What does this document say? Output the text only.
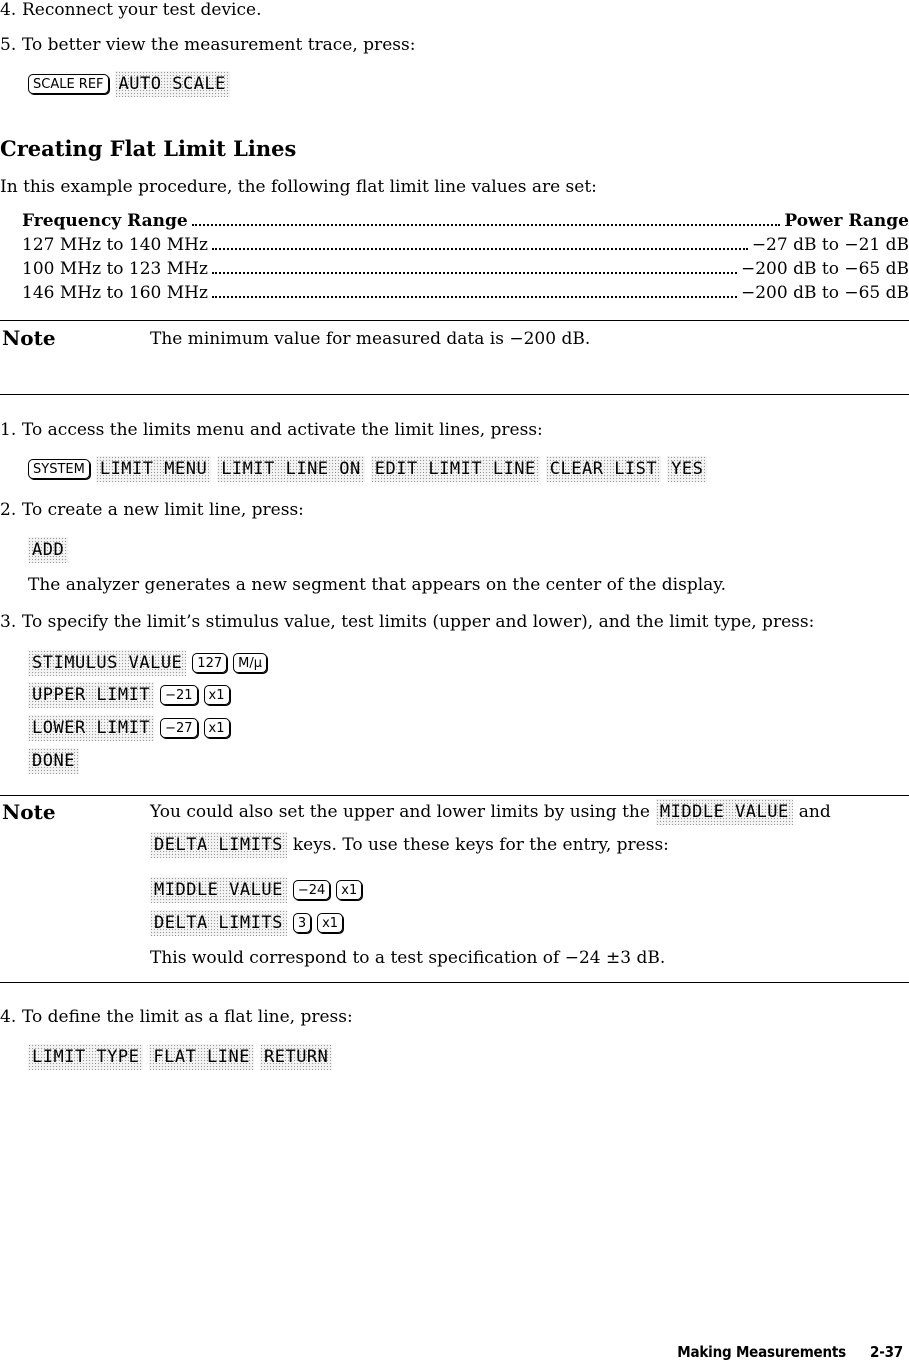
4. Reconnect your test device.
5. To better view the measurement trace, press:
SCALE REF AUTO SCALE
Creating Flat Limit Lines
In this example procedure, the following flat limit line values are set:
Frequency Range	Power Range
127 MHz to 140 MHz	−27 dB to −21 dB
100 MHz to 123 MHz	−200 dB to −65 dB
146 MHz to 160 MHz	−200 dB to −65 dB
Note	The minimum value for measured data is −200 dB.
1. To access the limits menu and activate the limit lines, press:
SYSTEM LIMIT MENU LIMIT LINE ON EDIT LIMIT LINE CLEAR LIST YES
2. To create a new limit line, press:
ADD
The analyzer generates a new segment that appears on the center of the display.
3. To specify the limit’s stimulus value, test limits (upper and lower), and the limit type, press:
STIMULUS VALUE	127	M/μ
UPPER LIMIT	−21	x1
LOWER LIMIT	−27	x1
DONE
Note	You could also set the upper and lower limits by using the MIDDLE VALUE and
DELTA LIMITS keys. To use these keys for the entry, press:
MIDDLE VALUE	−24	x1
DELTA LIMITS	3	x1
This would correspond to a test specification of −24 ±3 dB.
4. To define the limit as a flat line, press:
LIMIT TYPE FLAT LINE RETURN
Making Measurements 2-37
